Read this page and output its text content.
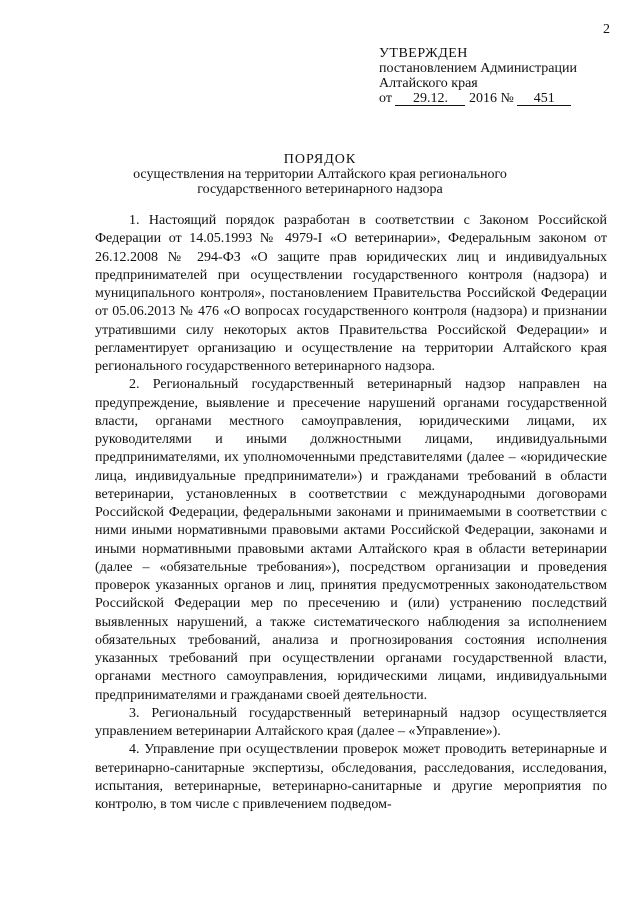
2
УТВЕРЖДЕН
постановлением Администрации
Алтайского края
от 29.12. 2016 № 451
ПОРЯДОК
осуществления на территории Алтайского края регионального
государственного ветеринарного надзора

1. Настоящий порядок разработан в соответствии с Законом Российской Федерации от 14.05.1993 № 4979-I «О ветеринарии», Федеральным законом от 26.12.2008 № 294-ФЗ «О защите прав юридических лиц и индивидуальных предпринимателей при осуществлении государственного контроля (надзора) и муниципального контроля», постановлением Правительства Российской Федерации от 05.06.2013 № 476 «О вопросах государственного контроля (надзора) и признании утратившими силу некоторых актов Правительства Российской Федерации» и регламентирует организацию и осуществление на территории Алтайского края регионального государственного ветеринарного надзора.

2. Региональный государственный ветеринарный надзор направлен на предупреждение, выявление и пресечение нарушений органами государственной власти, органами местного самоуправления, юридическими лицами, их руководителями и иными должностными лицами, индивидуальными предпринимателями, их уполномоченными представителями (далее – «юридические лица, индивидуальные предприниматели») и гражданами требований в области ветеринарии, установленных в соответствии с международными договорами Российской Федерации, федеральными законами и принимаемыми в соответствии с ними иными нормативными правовыми актами Российской Федерации, законами и иными нормативными правовыми актами Алтайского края в области ветеринарии (далее – «обязательные требования»), посредством организации и проведения проверок указанных органов и лиц, принятия предусмотренных законодательством Российской Федерации мер по пресечению и (или) устранению последствий выявленных нарушений, а также систематического наблюдения за исполнением обязательных требований, анализа и прогнозирования состояния исполнения указанных требований при осуществлении органами государственной власти, органами местного самоуправления, юридическими лицами, индивидуальными предпринимателями и гражданами своей деятельности.

3. Региональный государственный ветеринарный надзор осуществляется управлением ветеринарии Алтайского края (далее – «Управление»).

4. Управление при осуществлении проверок может проводить ветеринарные и ветеринарно-санитарные экспертизы, обследования, расследования, исследования, испытания, ветеринарные, ветеринарно-санитарные и другие мероприятия по контролю, в том числе с привлечением подведом-
